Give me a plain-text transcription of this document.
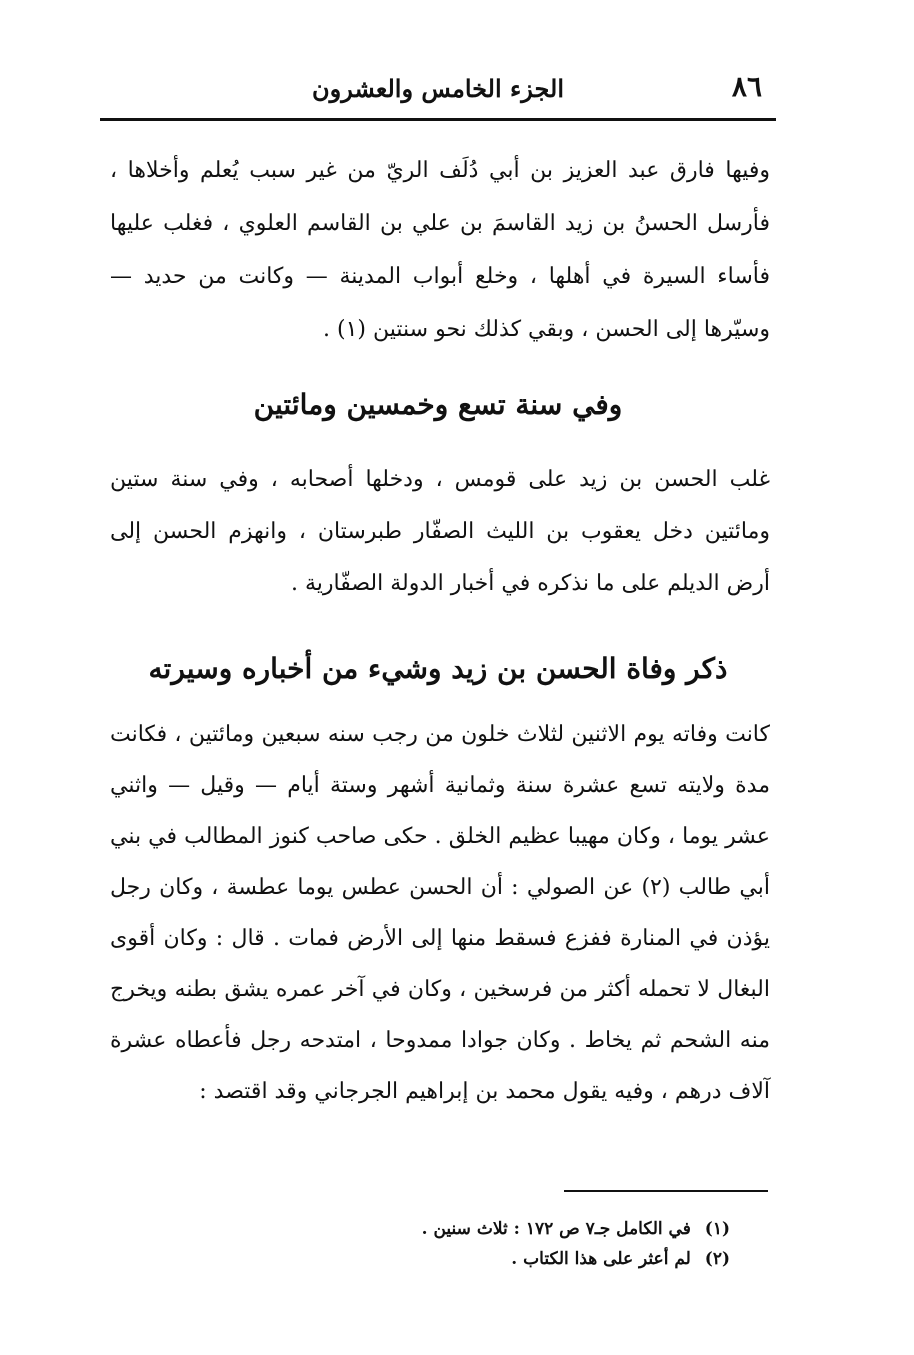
٨٦
الجزء الخامس والعشرون

وفيها فارق عبد العزيز بن أبي دُلَف الريّ من غير سبب يُعلم وأخلاها ، فأرسل الحسنُ بن زيد القاسمَ بن علي بن القاسم العلوي ، فغلب عليها فأساء السيرة في أهلها ، وخلع أبواب المدينة — وكانت من حديد — وسيّرها إلى الحسن ، وبقي كذلك نحو سنتين (١) .

وفي سنة تسع وخمسين ومائتين

غلب الحسن بن زيد على قومس ، ودخلها أصحابه ، وفي سنة ستين ومائتين دخل يعقوب بن الليث الصفّار طبرستان ، وانهزم الحسن إلى أرض الديلم على ما نذكره في أخبار الدولة الصفّارية .

ذكر وفاة الحسن بن زيد وشيء من أخباره وسيرته

كانت وفاته يوم الاثنين لثلاث خلون من رجب سنه سبعين ومائتين ، فكانت مدة ولايته تسع عشرة سنة وثمانية أشهر وستة أيام — وقيل — واثني عشر يوما ، وكان مهيبا عظيم الخلق . حكى صاحب كنوز المطالب في بني أبي طالب (٢) عن الصولي : أن الحسن عطس يوما عطسة ، وكان رجل يؤذن في المنارة ففزع فسقط منها إلى الأرض فمات . قال : وكان أقوى البغال لا تحمله أكثر من فرسخين ، وكان في آخر عمره يشق بطنه ويخرج منه الشحم ثم يخاط . وكان جوادا ممدوحا ، امتدحه رجل فأعطاه عشرة آلاف درهم ، وفيه يقول محمد بن إبراهيم الجرجاني وقد اقتصد :

(١) في الكامل جـ٧ ص ١٧٢ : ثلاث سنين .
(٢) لم أعثر على هذا الكتاب .
